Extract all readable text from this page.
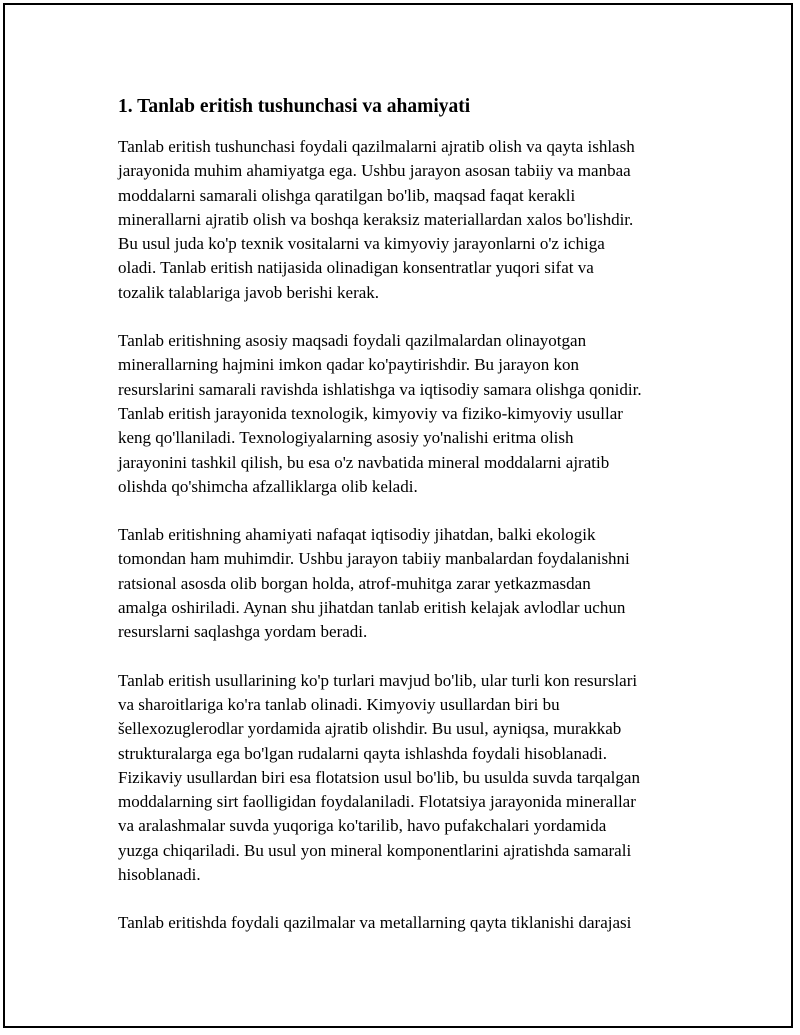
1. Tanlab eritish tushunchasi va ahamiyati

Tanlab eritish tushunchasi foydali qazilmalarni ajratib olish va qayta ishlash
jarayonida muhim ahamiyatga ega. Ushbu jarayon asosan tabiiy va manbaa
moddalarni samarali olishga qaratilgan bo'lib, maqsad faqat kerakli
minerallarni ajratib olish va boshqa keraksiz materiallardan xalos bo'lishdir.
Bu usul juda ko'p texnik vositalarni va kimyoviy jarayonlarni o'z ichiga
oladi. Tanlab eritish natijasida olinadigan konsentratlar yuqori sifat va
tozalik talablariga javob berishi kerak.

Tanlab eritishning asosiy maqsadi foydali qazilmalardan olinayotgan
minerallarning hajmini imkon qadar ko'paytirishdir. Bu jarayon kon
resurslarini samarali ravishda ishlatishga va iqtisodiy samara olishga qonidir.
Tanlab eritish jarayonida texnologik, kimyoviy va fiziko-kimyoviy usullar
keng qo'llaniladi. Texnologiyalarning asosiy yo'nalishi eritma olish
jarayonini tashkil qilish, bu esa o'z navbatida mineral moddalarni ajratib
olishda qo'shimcha afzalliklarga olib keladi.

Tanlab eritishning ahamiyati nafaqat iqtisodiy jihatdan, balki ekologik
tomondan ham muhimdir. Ushbu jarayon tabiiy manbalardan foydalanishni
ratsional asosda olib borgan holda, atrof-muhitga zarar yetkazmasdan
amalga oshiriladi. Aynan shu jihatdan tanlab eritish kelajak avlodlar uchun
resurslarni saqlashga yordam beradi.

Tanlab eritish usullarining ko'p turlari mavjud bo'lib, ular turli kon resurslari
va sharoitlariga ko'ra tanlab olinadi. Kimyoviy usullardan biri bu
šellexozuglerodlar yordamida ajratib olishdir. Bu usul, ayniqsa, murakkab
strukturalarga ega bo'lgan rudalarni qayta ishlashda foydali hisoblanadi.
Fizikaviy usullardan biri esa flotatsion usul bo'lib, bu usulda suvda tarqalgan
moddalarning sirt faolligidan foydalaniladi. Flotatsiya jarayonida minerallar
va aralashmalar suvda yuqoriga ko'tarilib, havo pufakchalari yordamida
yuzga chiqariladi. Bu usul yon mineral komponentlarini ajratishda samarali
hisoblanadi.

Tanlab eritishda foydali qazilmalar va metallarning qayta tiklanishi darajasi
